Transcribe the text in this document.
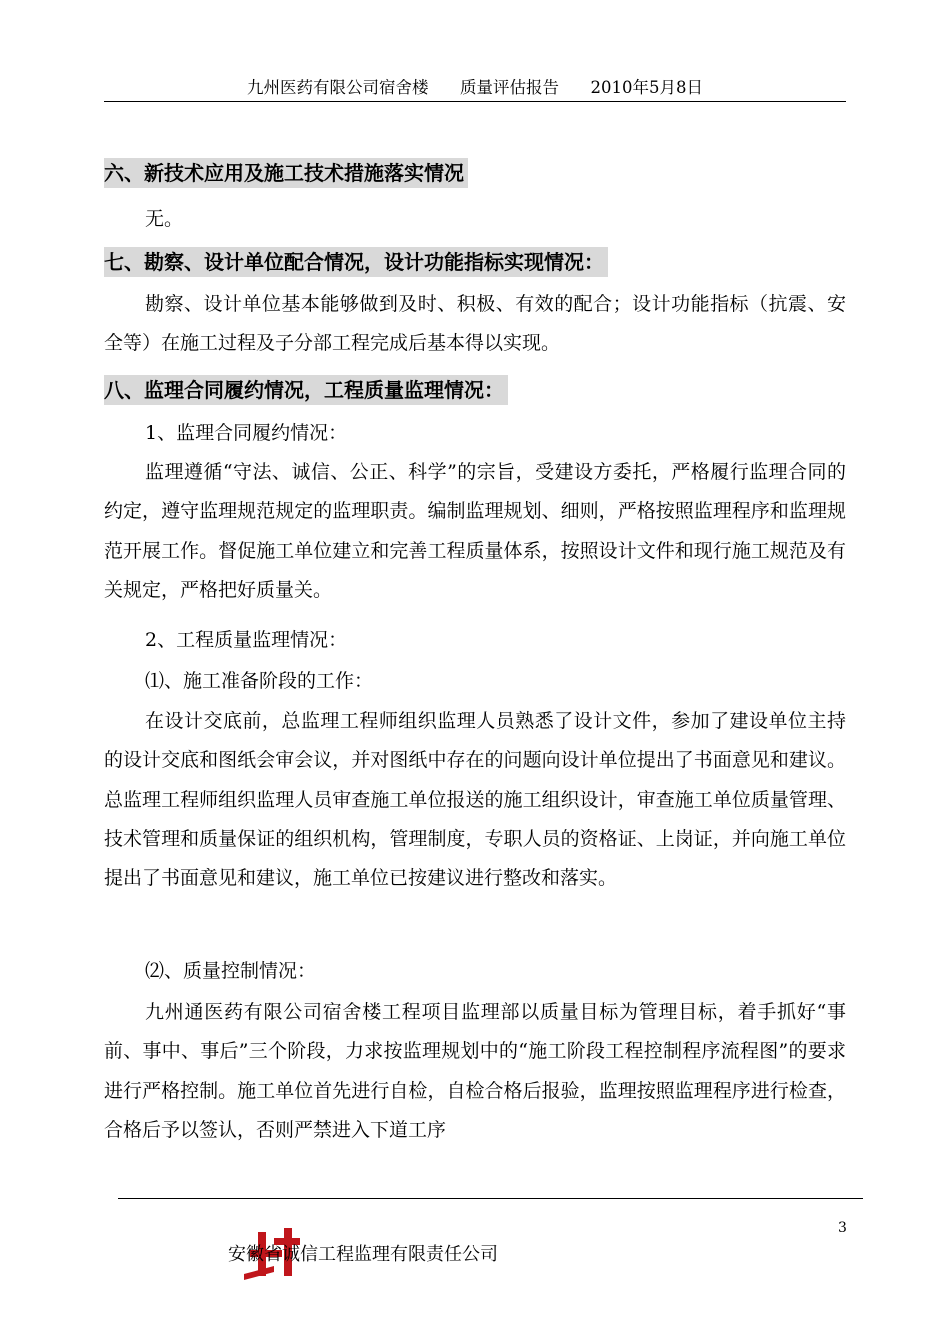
九州医药有限公司宿舍楼 质量评估报告 2010年5月8日
六、新技术应用及施工技术措施落实情况
无。
七、勘察、设计单位配合情况，设计功能指标实现情况：
勘察、设计单位基本能够做到及时、积极、有效的配合；设计功能指标（抗震、安全等）在施工过程及子分部工程完成后基本得以实现。
八、监理合同履约情况，工程质量监理情况：
1、监理合同履约情况：
监理遵循“守法、诚信、公正、科学”的宗旨，受建设方委托，严格履行监理合同的约定，遵守监理规范规定的监理职责。编制监理规划、细则，严格按照监理程序和监理规范开展工作。督促施工单位建立和完善工程质量体系，按照设计文件和现行施工规范及有关规定，严格把好质量关。
2、工程质量监理情况：
⑴、施工准备阶段的工作：
在设计交底前，总监理工程师组织监理人员熟悉了设计文件，参加了建设单位主持的设计交底和图纸会审会议，并对图纸中存在的问题向设计单位提出了书面意见和建议。总监理工程师组织监理人员审查施工单位报送的施工组织设计，审查施工单位质量管理、技术管理和质量保证的组织机构，管理制度，专职人员的资格证、上岗证，并向施工单位提出了书面意见和建议，施工单位已按建议进行整改和落实。
⑵、质量控制情况：
九州通医药有限公司宿舍楼工程项目监理部以质量目标为管理目标，着手抓好“事前、事中、事后”三个阶段，力求按监理规划中的“施工阶段工程控制程序流程图”的要求进行严格控制。施工单位首先进行自检，自检合格后报验，监理按照监理程序进行检查，合格后予以签认，否则严禁进入下道工序
3
安徽省诚信工程监理有限责任公司
